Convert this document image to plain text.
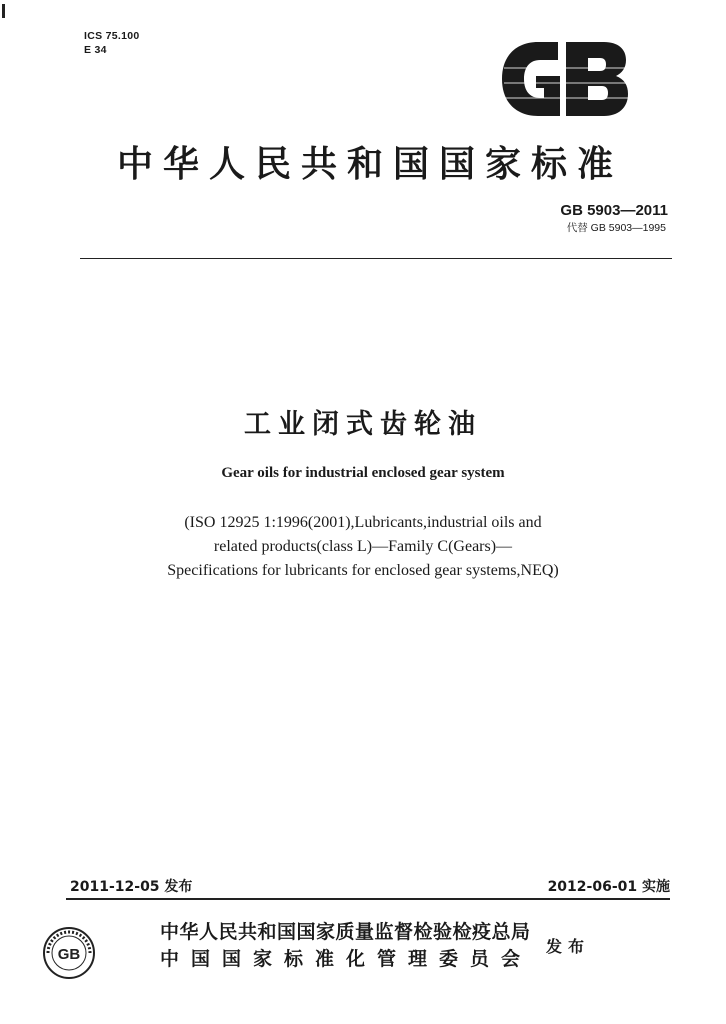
ICS 75.100
E 34
中华人民共和国国家标准
GB 5903—2011
代替 GB 5903—1995
工业闭式齿轮油
Gear oils for industrial enclosed gear system
(ISO 12925 1:1996(2001),Lubricants,industrial oils and
related products(class L)—Family C(Gears)—
Specifications for lubricants for enclosed gear systems,NEQ)
2011-12-05 发布	2012-06-01 实施
GB
中华人民共和国国家质量监督检验检疫总局
中国国家标准化管理委员会
发布
